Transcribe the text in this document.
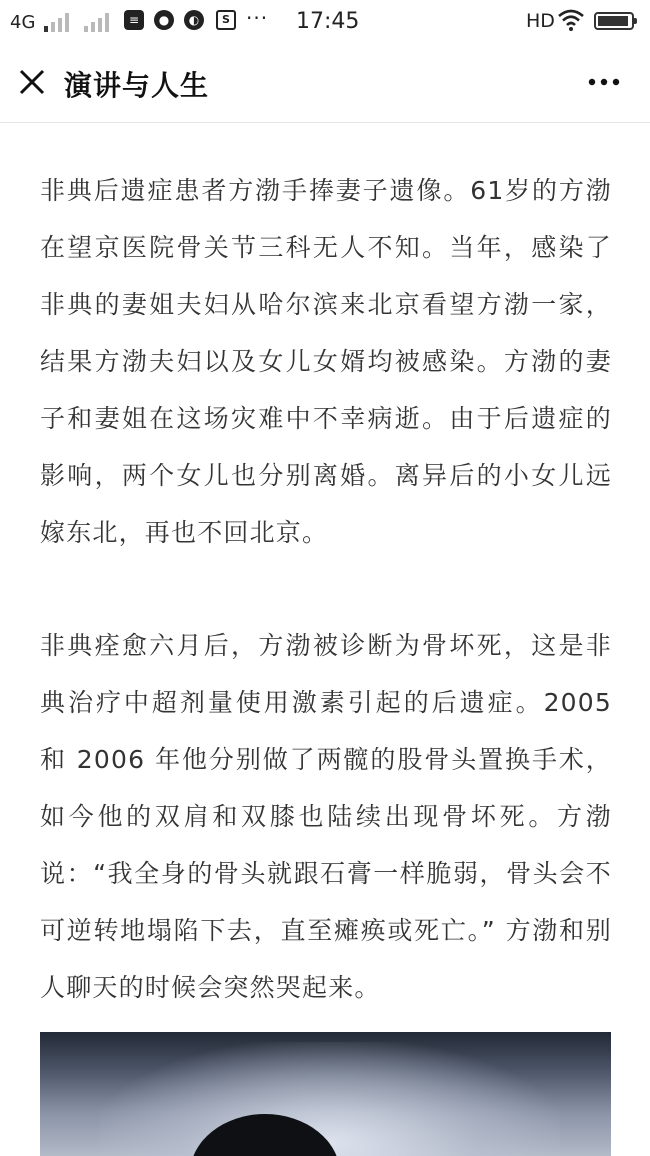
4G	≡	●	◐	S ··· 17:45	HD
演讲与人生

非典后遗症患者方渤手捧妻子遗像。61岁的方渤在望京医院骨关节三科无人不知。当年，感染了非典的妻姐夫妇从哈尔滨来北京看望方渤一家，结果方渤夫妇以及女儿女婿均被感染。方渤的妻子和妻姐在这场灾难中不幸病逝。由于后遗症的影响，两个女儿也分别离婚。离异后的小女儿远嫁东北，再也不回北京。

非典痊愈六月后，方渤被诊断为骨坏死，这是非典治疗中超剂量使用激素引起的后遗症。2005 和 2006 年他分别做了两髋的股骨头置换手术，如今他的双肩和双膝也陆续出现骨坏死。方渤说：“我全身的骨头就跟石膏一样脆弱，骨头会不可逆转地塌陷下去，直至瘫痪或死亡。” 方渤和别人聊天的时候会突然哭起来。
